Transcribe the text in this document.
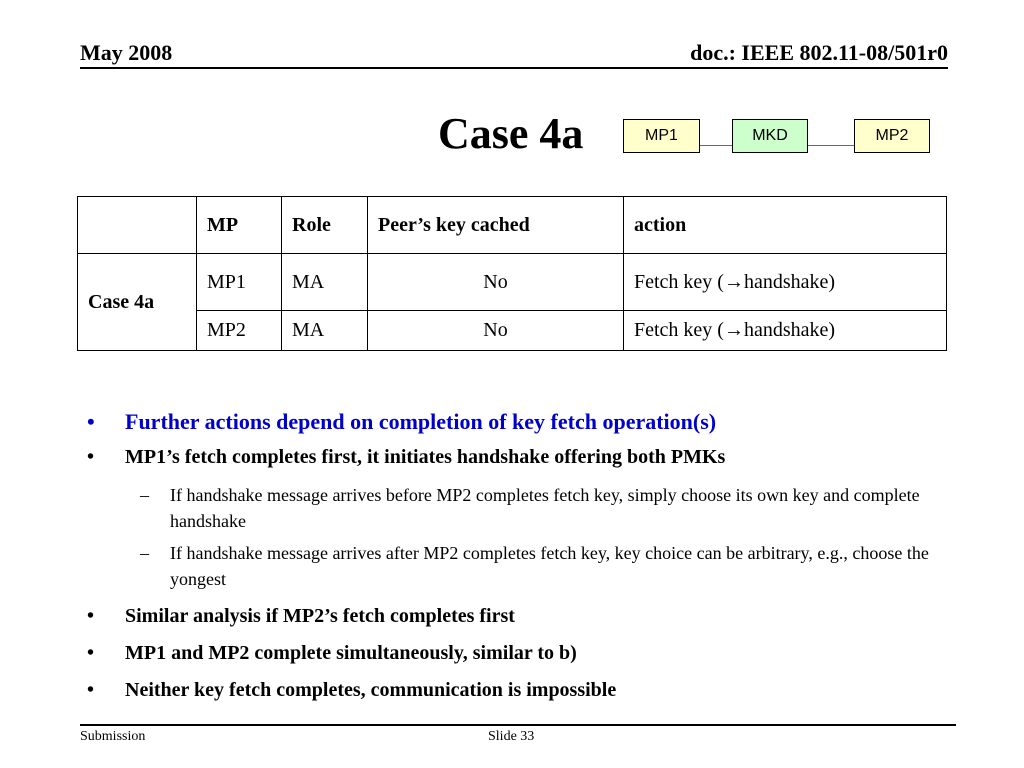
May 2008	doc.: IEEE 802.11-08/501r0
Case 4a	MP1	MKD	MP2
	MP	Role	Peer’s key cached	action
Case 4a	MP1	MA	No	Fetch key (→handshake)
	MP2	MA	No	Fetch key (→handshake)
• Further actions depend on completion of key fetch operation(s)
• MP1’s fetch completes first, it initiates handshake offering both PMKs
– If handshake message arrives before MP2 completes fetch key, simply choose its own key and complete handshake
– If handshake message arrives after MP2 completes fetch key, key choice can be arbitrary, e.g., choose the yongest
• Similar analysis if MP2’s fetch completes first
• MP1 and MP2 complete simultaneously, similar to b)
• Neither key fetch completes, communication is impossible
Submission	Slide 33
